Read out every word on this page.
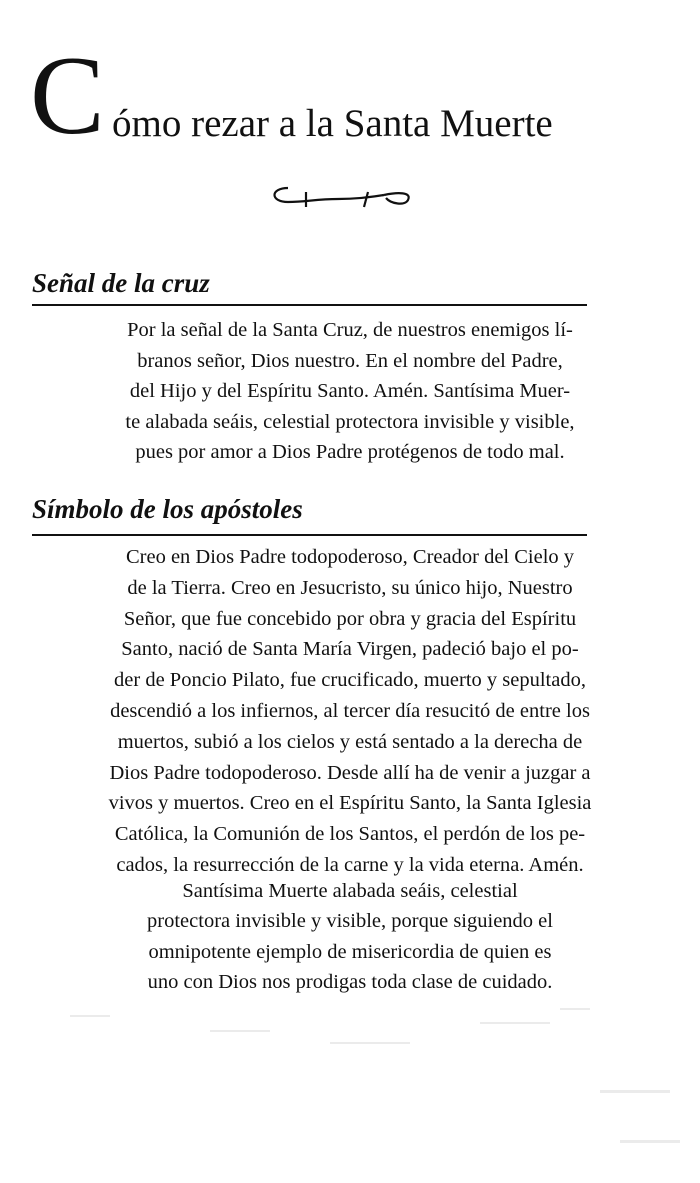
C ómo rezar a la Santa Muerte
Señal de la cruz
Por la señal de la Santa Cruz, de nuestros enemigos lí-
branos señor, Dios nuestro. En el nombre del Padre,
del Hijo y del Espíritu Santo. Amén. Santísima Muer-
te alabada seáis, celestial protectora invisible y visible,
pues por amor a Dios Padre protégenos de todo mal.
Símbolo de los apóstoles
Creo en Dios Padre todopoderoso, Creador del Cielo y
de la Tierra. Creo en Jesucristo, su único hijo, Nuestro
Señor, que fue concebido por obra y gracia del Espíritu
Santo, nació de Santa María Virgen, padeció bajo el po-
der de Poncio Pilato, fue crucificado, muerto y sepultado,
descendió a los infiernos, al tercer día resucitó de entre los
muertos, subió a los cielos y está sentado a la derecha de
Dios Padre todopoderoso. Desde allí ha de venir a juzgar a
vivos y muertos. Creo en el Espíritu Santo, la Santa Iglesia
Católica, la Comunión de los Santos, el perdón de los pe-
cados, la resurrección de la carne y la vida eterna. Amén.
Santísima Muerte alabada seáis, celestial
protectora invisible y visible, porque siguiendo el
omnipotente ejemplo de misericordia de quien es
uno con Dios nos prodigas toda clase de cuidado.
